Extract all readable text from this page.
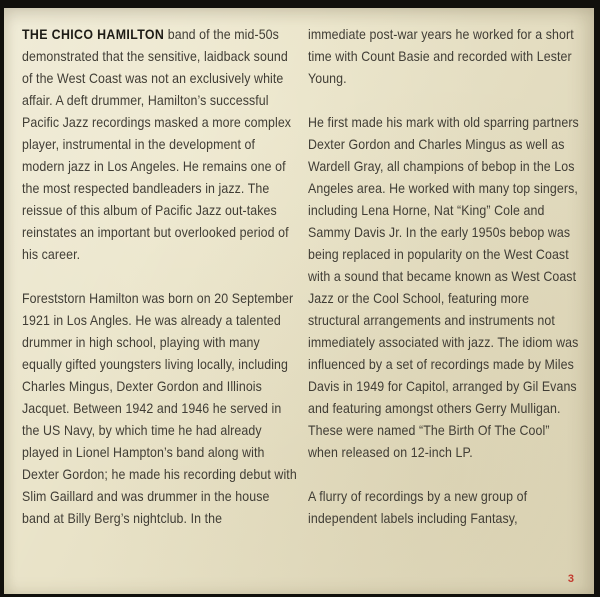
THE CHICO HAMILTON band of the mid-50s demonstrated that the sensitive, laidback sound of the West Coast was not an exclusively white affair. A deft drummer, Hamilton’s successful Pacific Jazz recordings masked a more complex player, instrumental in the development of modern jazz in Los Angeles. He remains one of the most respected bandleaders in jazz. The reissue of this album of Pacific Jazz out-takes reinstates an important but overlooked period of his career.

Foreststorn Hamilton was born on 20 September 1921 in Los Angles. He was already a talented drummer in high school, playing with many equally gifted youngsters living locally, including Charles Mingus, Dexter Gordon and Illinois Jacquet. Between 1942 and 1946 he served in the US Navy, by which time he had already played in Lionel Hampton’s band along with Dexter Gordon; he made his recording debut with Slim Gaillard and was drummer in the house band at Billy Berg’s nightclub. In the

immediate post-war years he worked for a short time with Count Basie and recorded with Lester Young.

He first made his mark with old sparring partners Dexter Gordon and Charles Mingus as well as Wardell Gray, all champions of bebop in the Los Angeles area. He worked with many top singers, including Lena Horne, Nat “King” Cole and Sammy Davis Jr. In the early 1950s bebop was being replaced in popularity on the West Coast with a sound that became known as West Coast Jazz or the Cool School, featuring more structural arrangements and instruments not immediately associated with jazz. The idiom was influenced by a set of recordings made by Miles Davis in 1949 for Capitol, arranged by Gil Evans and featuring amongst others Gerry Mulligan. These were named “The Birth Of The Cool” when released on 12-inch LP.

A flurry of recordings by a new group of independent labels including Fantasy,

3
